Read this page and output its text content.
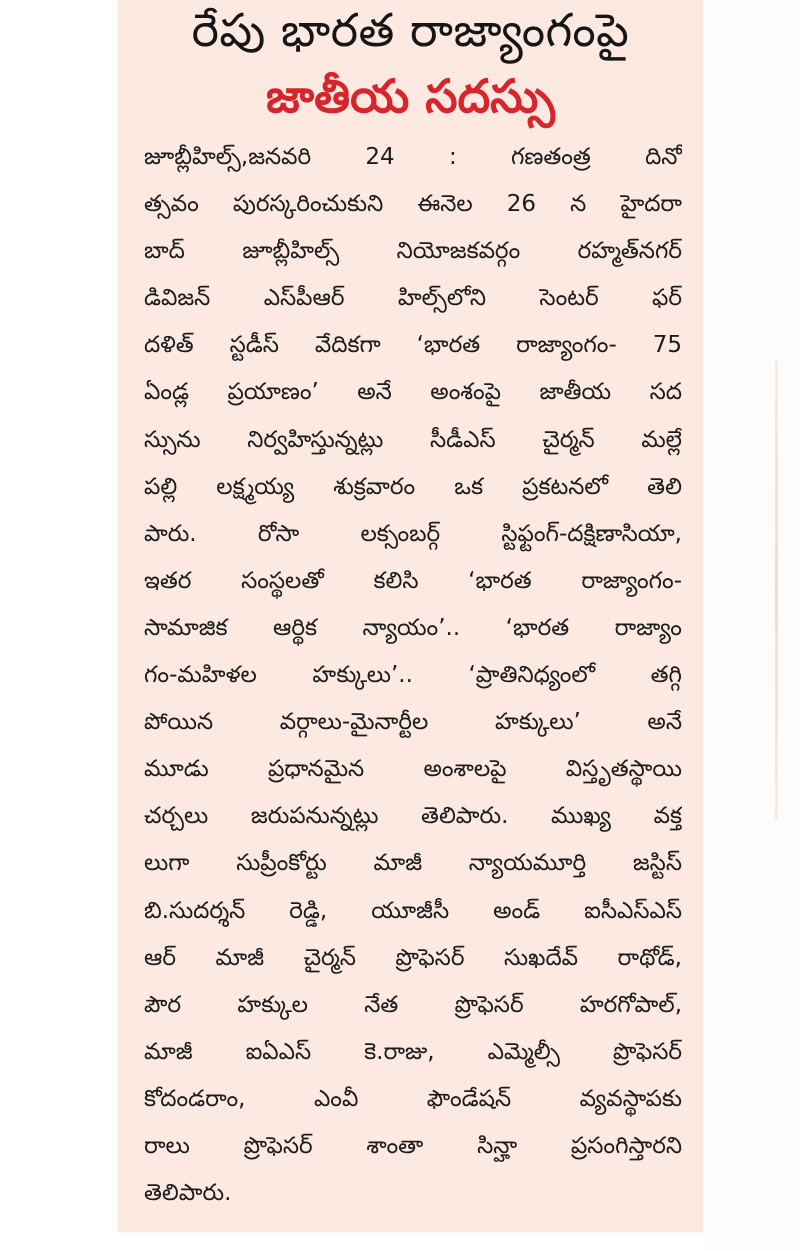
రేపు భారత రాజ్యాంగంపై
జాతీయ సదస్సు
జూబ్లీహిల్స్,జనవరి 24 : గణతంత్ర దినో
త్సవం పురస్కరించుకుని ఈనెల 26 న హైదరా
బాద్ జూబ్లీహిల్స్ నియోజకవర్గం రహ్మత్‌నగర్
డివిజన్ ఎస్‌పీఆర్ హిల్స్‌లోని సెంటర్ ఫర్
దళిత్ స్టడీస్ వేదికగా ‘భారత రాజ్యాంగం- 75
ఏండ్ల ప్రయాణం’ అనే అంశంపై జాతీయ సద
స్సును నిర్వహిస్తున్నట్లు సీడీఎస్ చైర్మన్ మల్లే
పల్లి లక్ష్మయ్య శుక్రవారం ఒక ప్రకటనలో తెలి
పారు.	రోసా	లక్సంబర్గ్	స్టిఫ్టంగ్-దక్షిణాసియా,
ఇతర సంస్థలతో కలిసి ‘భారత రాజ్యాంగం-
సామాజిక ఆర్థిక న్యాయం’.. ‘భారత రాజ్యాం
గం-మహిళల హక్కులు’.. ‘ప్రాతినిధ్యంలో తగ్గి
పోయిన	వర్గాలు-మైనార్టీల	హక్కులు’	అనే
మూడు	ప్రధానమైన	అంశాలపై	విస్తృతస్థాయి
చర్చలు జరుపనున్నట్లు తెలిపారు. ముఖ్య వక్త
లుగా సుప్రీంకోర్టు మాజీ న్యాయమూర్తి జస్టిస్
బి.సుదర్శన్ రెడ్డి, యూజీసీ అండ్ ఐసీఎస్ఎస్
ఆర్ మాజీ చైర్మన్ ప్రొఫెసర్ సుఖదేవ్ రాథోడ్,
పౌర హక్కుల నేత ప్రొఫెసర్ హరగోపాల్,
మాజీ ఐఏఎస్ కె.రాజు, ఎమ్మెల్సీ ప్రొఫెసర్
కోదండరాం,	ఎంవీ	ఫౌండేషన్	వ్యవస్థాపకు
రాలు ప్రొఫెసర్ శాంతా సిన్హా ప్రసంగిస్తారని
తెలిపారు.
